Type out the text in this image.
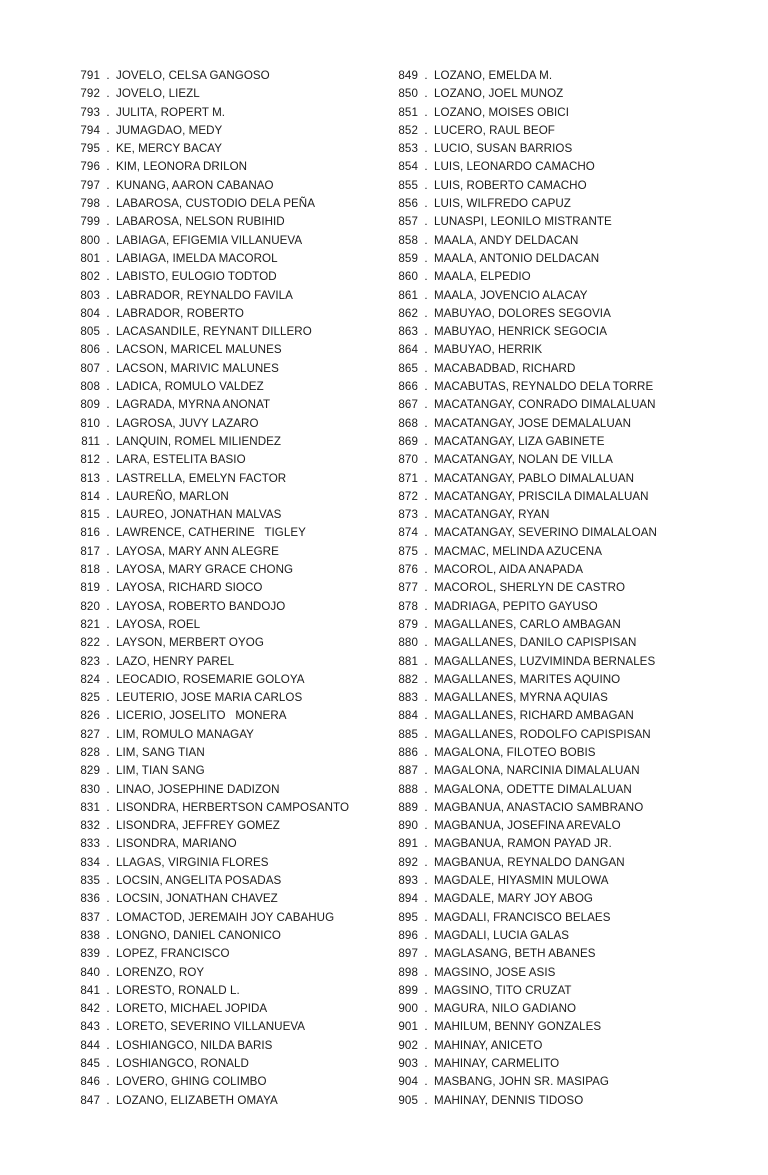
791 . JOVELO, CELSA GANGOSO
792 . JOVELO, LIEZL
793 . JULITA, ROPERT M.
794 . JUMAGDAO, MEDY
795 . KE, MERCY BACAY
796 . KIM, LEONORA DRILON
797 . KUNANG, AARON CABANAO
798 . LABAROSA, CUSTODIO DELA PEÑA
799 . LABAROSA, NELSON RUBIHID
800 . LABIAGA, EFIGEMIA VILLANUEVA
801 . LABIAGA, IMELDA MACOROL
802 . LABISTO, EULOGIO TODTOD
803 . LABRADOR, REYNALDO FAVILA
804 . LABRADOR, ROBERTO
805 . LACASANDILE, REYNANT DILLERO
806 . LACSON, MARICEL MALUNES
807 . LACSON, MARIVIC MALUNES
808 . LADICA, ROMULO VALDEZ
809 . LAGRADA, MYRNA ANONAT
810 . LAGROSA, JUVY LAZARO
811 . LANQUIN, ROMEL MILIENDEZ
812 . LARA, ESTELITA BASIO
813 . LASTRELLA, EMELYN FACTOR
814 . LAUREÑO, MARLON
815 . LAUREO, JONATHAN MALVAS
816 . LAWRENCE, CATHERINE   TIGLEY
817 . LAYOSA, MARY ANN ALEGRE
818 . LAYOSA, MARY GRACE CHONG
819 . LAYOSA, RICHARD SIOCO
820 . LAYOSA, ROBERTO BANDOJO
821 . LAYOSA, ROEL
822 . LAYSON, MERBERT OYOG
823 . LAZO, HENRY PAREL
824 . LEOCADIO, ROSEMARIE GOLOYA
825 . LEUTERIO, JOSE MARIA CARLOS
826 . LICERIO, JOSELITO   MONERA
827 . LIM, ROMULO MANAGAY
828 . LIM, SANG TIAN
829 . LIM, TIAN SANG
830 . LINAO, JOSEPHINE DADIZON
831 . LISONDRA, HERBERTSON CAMPOSANTO
832 . LISONDRA, JEFFREY GOMEZ
833 . LISONDRA, MARIANO
834 . LLAGAS, VIRGINIA FLORES
835 . LOCSIN, ANGELITA POSADAS
836 . LOCSIN, JONATHAN CHAVEZ
837 . LOMACTOD, JEREMAIH JOY CABAHUG
838 . LONGNO, DANIEL CANONICO
839 . LOPEZ, FRANCISCO
840 . LORENZO, ROY
841 . LORESTO, RONALD L.
842 . LORETO, MICHAEL JOPIDA
843 . LORETO, SEVERINO VILLANUEVA
844 . LOSHIANGCO, NILDA BARIS
845 . LOSHIANGCO, RONALD
846 . LOVERO, GHING COLIMBO
847 . LOZANO, ELIZABETH OMAYA
849 . LOZANO, EMELDA M.
850 . LOZANO, JOEL MUNOZ
851 . LOZANO, MOISES OBICI
852 . LUCERO, RAUL BEOF
853 . LUCIO, SUSAN BARRIOS
854 . LUIS, LEONARDO CAMACHO
855 . LUIS, ROBERTO CAMACHO
856 . LUIS, WILFREDO CAPUZ
857 . LUNASPI, LEONILO MISTRANTE
858 . MAALA, ANDY DELDACAN
859 . MAALA, ANTONIO DELDACAN
860 . MAALA, ELPEDIO
861 . MAALA, JOVENCIO ALACAY
862 . MABUYAO, DOLORES SEGOVIA
863 . MABUYAO, HENRICK SEGOCIA
864 . MABUYAO, HERRIK
865 . MACABADBAD, RICHARD
866 . MACABUTAS, REYNALDO DELA TORRE
867 . MACATANGAY, CONRADO DIMALALUAN
868 . MACATANGAY, JOSE DEMALALUAN
869 . MACATANGAY, LIZA GABINETE
870 . MACATANGAY, NOLAN DE VILLA
871 . MACATANGAY, PABLO DIMALALUAN
872 . MACATANGAY, PRISCILA DIMALALUAN
873 . MACATANGAY, RYAN
874 . MACATANGAY, SEVERINO DIMALALOAN
875 . MACMAC, MELINDA AZUCENA
876 . MACOROL, AIDA ANAPADA
877 . MACOROL, SHERLYN DE CASTRO
878 . MADRIAGA, PEPITO GAYUSO
879 . MAGALLANES, CARLO AMBAGAN
880 . MAGALLANES, DANILO CAPISPISAN
881 . MAGALLANES, LUZVIMINDA BERNALES
882 . MAGALLANES, MARITES AQUINO
883 . MAGALLANES, MYRNA AQUIAS
884 . MAGALLANES, RICHARD AMBAGAN
885 . MAGALLANES, RODOLFO CAPISPISAN
886 . MAGALONA, FILOTEO BOBIS
887 . MAGALONA, NARCINIA DIMALALUAN
888 . MAGALONA, ODETTE DIMALALUAN
889 . MAGBANUA, ANASTACIO SAMBRANO
890 . MAGBANUA, JOSEFINA AREVALO
891 . MAGBANUA, RAMON PAYAD JR.
892 . MAGBANUA, REYNALDO DANGAN
893 . MAGDALE, HIYASMIN MULOWA
894 . MAGDALE, MARY JOY ABOG
895 . MAGDALI, FRANCISCO BELAES
896 . MAGDALI, LUCIA GALAS
897 . MAGLASANG, BETH ABANES
898 . MAGSINO, JOSE ASIS
899 . MAGSINO, TITO CRUZAT
900 . MAGURA, NILO GADIANO
901 . MAHILUM, BENNY GONZALES
902 . MAHINAY, ANICETO
903 . MAHINAY, CARMELITO
904 . MASBANG, JOHN SR. MASIPAG
905 . MAHINAY, DENNIS TIDOSO
